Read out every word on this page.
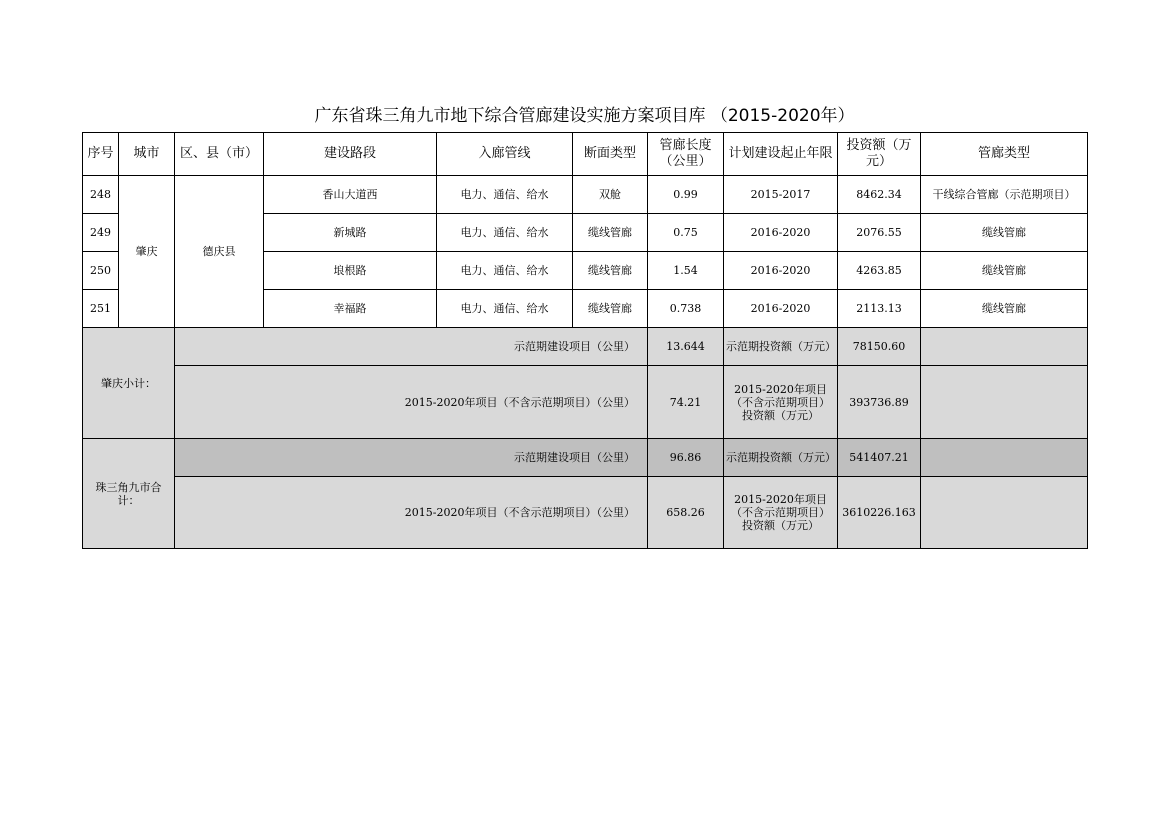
广东省珠三角九市地下综合管廊建设实施方案项目库 （2015-2020年）
序号	城市	区、县（市）	建设路段	入廊管线	断面类型	管廊长度（公里）	计划建设起止年限	投资额（万元）	管廊类型
248	肇庆	德庆县	香山大道西	电力、通信、给水	双舱	0.99	2015-2017	8462.34	干线综合管廊（示范期项目）
249			新城路	电力、通信、给水	缆线管廊	0.75	2016-2020	2076.55	缆线管廊
250			埌根路	电力、通信、给水	缆线管廊	1.54	2016-2020	4263.85	缆线管廊
251			幸福路	电力、通信、给水	缆线管廊	0.738	2016-2020	2113.13	缆线管廊
肇庆小计：		示范期建设项目（公里）				13.644	示范期投资额（万元）	78150.60	
		2015-2020年项目（不含示范期项目）（公里）				74.21	2015-2020年项目（不含示范期项目）投资额（万元）	393736.89	
珠三角九市合计：		示范期建设项目（公里）				96.86	示范期投资额（万元）	541407.21	
		2015-2020年项目（不含示范期项目）（公里）				658.26	2015-2020年项目（不含示范期项目）投资额（万元）	3610226.163	
